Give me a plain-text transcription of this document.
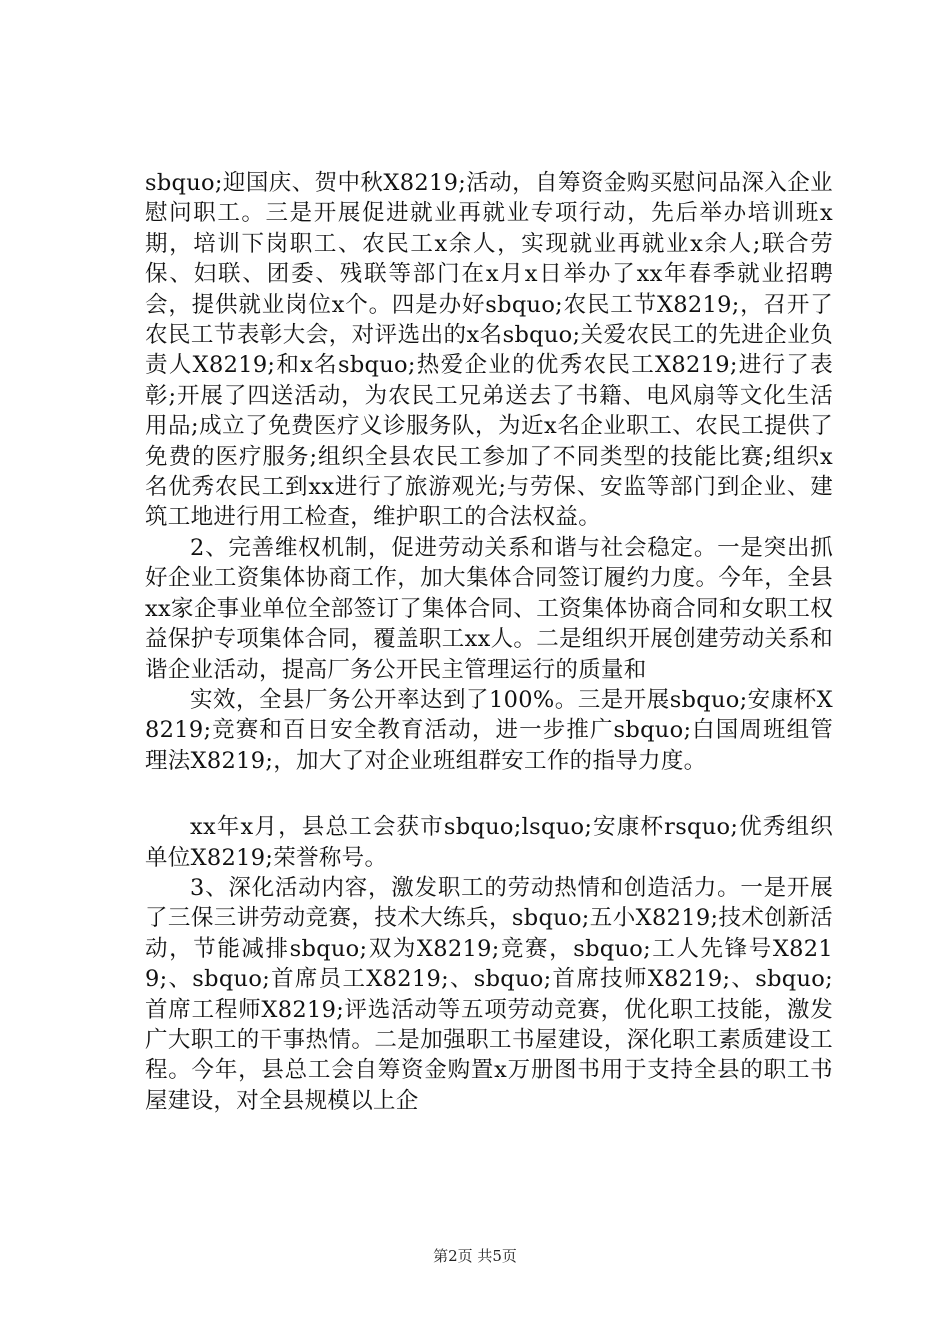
sbquo;迎国庆、贺中秋X8219;活动，自筹资金购买慰问品深入企业慰问职工。三是开展促进就业再就业专项行动，先后举办培训班x期，培训下岗职工、农民工x余人，实现就业再就业x余人;联合劳保、妇联、团委、残联等部门在x月x日举办了xx年春季就业招聘会，提供就业岗位x个。四是办好sbquo;农民工节X8219;，召开了农民工节表彰大会，对评选出的x名sbquo;关爱农民工的先进企业负责人X8219;和x名sbquo;热爱企业的优秀农民工X8219;进行了表彰;开展了四送活动，为农民工兄弟送去了书籍、电风扇等文化生活用品;成立了免费医疗义诊服务队，为近x名企业职工、农民工提供了免费的医疗服务;组织全县农民工参加了不同类型的技能比赛;组织x名优秀农民工到xx进行了旅游观光;与劳保、安监等部门到企业、建筑工地进行用工检查，维护职工的合法权益。

2、完善维权机制，促进劳动关系和谐与社会稳定。一是突出抓好企业工资集体协商工作，加大集体合同签订履约力度。今年，全县xx家企事业单位全部签订了集体合同、工资集体协商合同和女职工权益保护专项集体合同，覆盖职工xx人。二是组织开展创建劳动关系和谐企业活动，提高厂务公开民主管理运行的质量和

实效，全县厂务公开率达到了100%。三是开展sbquo;安康杯X8219;竞赛和百日安全教育活动，进一步推广sbquo;白国周班组管理法X8219;，加大了对企业班组群安工作的指导力度。

xx年x月，县总工会获市sbquo;lsquo;安康杯rsquo;优秀组织单位X8219;荣誉称号。

3、深化活动内容，激发职工的劳动热情和创造活力。一是开展了三保三讲劳动竞赛，技术大练兵，sbquo;五小X8219;技术创新活动，节能减排sbquo;双为X8219;竞赛，sbquo;工人先锋号X8219;、sbquo;首席员工X8219;、sbquo;首席技师X8219;、sbquo;首席工程师X8219;评选活动等五项劳动竞赛，优化职工技能，激发广大职工的干事热情。二是加强职工书屋建设，深化职工素质建设工程。今年，县总工会自筹资金购置x万册图书用于支持全县的职工书屋建设，对全县规模以上企

第2页 共5页
